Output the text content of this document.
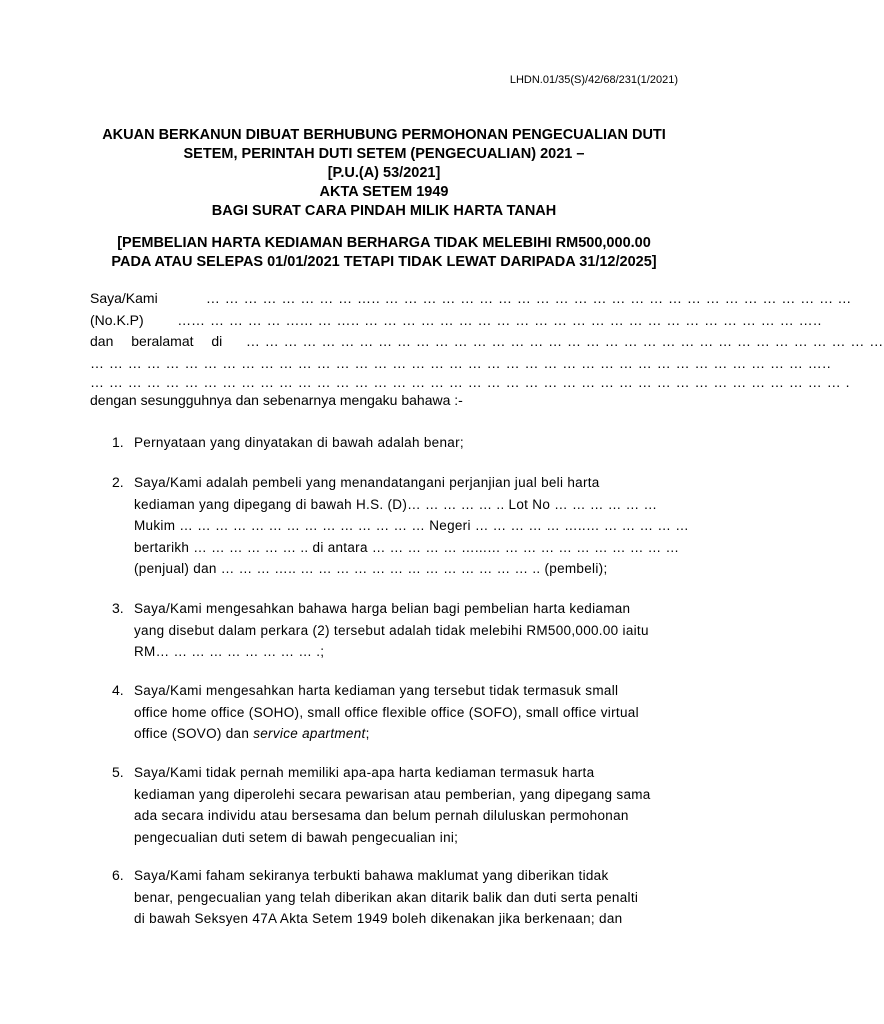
LHDN.01/35(S)/42/68/231(1/2021)
AKUAN BERKANUN DIBUAT BERHUBUNG PERMOHONAN PENGECUALIAN DUTI
SETEM, PERINTAH DUTI SETEM (PENGECUALIAN) 2021 –
[P.U.(A) 53/2021]
AKTA SETEM 1949
BAGI SURAT CARA PINDAH MILIK HARTA TANAH
[PEMBELIAN HARTA KEDIAMAN BERHARGA TIDAK MELEBIHI RM500,000.00
PADA ATAU SELEPAS 01/01/2021 TETAPI TIDAK LEWAT DARIPADA 31/12/2025]
Saya/Kami	… … … … … … … … ….. … … … … … … … … … … … … … … … … … … … … … … … … ...
(No.K.P) ...… … … … … …... … ….. … … … … … … … … … … … … … … … … … … … … … … … …..
dan beralamat di … … … … … … … … … … … … … … … … … … … … … … … … … … … … … … … … … …
… … … … … … … … … … … … … … … … … … … … … … … … … … … … … … … … … … … … … … …..
… … … … … … … … … … … … … … … … … … … … … … … … … … … … … … … … … … … … … … … … .
dengan sesungguhnya dan sebenarnya mengaku bahawa :-
1. Pernyataan yang dinyatakan di bawah adalah benar;
2. Saya/Kami adalah pembeli yang menandatangani perjanjian jual beli harta
kediaman yang dipegang di bawah H.S. (D)… … … … … .. Lot No … … … … … …
Mukim … … … … … … … … … … … … … … Negeri … … … … … …..… … … … … …
bertarikh … … … … … … .. di antara … … … … … …...… … … … … … … … … … …
(penjual) dan … … … ….. … … … … … … … … … … … … … .. (pembeli);
3. Saya/Kami mengesahkan bahawa harga belian bagi pembelian harta kediaman
yang disebut dalam perkara (2) tersebut adalah tidak melebihi RM500,000.00 iaitu
RM… … … … … … … … … .;
4. Saya/Kami mengesahkan harta kediaman yang tersebut tidak termasuk small
office home office (SOHO), small office flexible office (SOFO), small office virtual
office (SOVO) dan service apartment;
5. Saya/Kami tidak pernah memiliki apa-apa harta kediaman termasuk harta
kediaman yang diperolehi secara pewarisan atau pemberian, yang dipegang sama
ada secara individu atau bersesama dan belum pernah diluluskan permohonan
pengecualian duti setem di bawah pengecualian ini;
6. Saya/Kami faham sekiranya terbukti bahawa maklumat yang diberikan tidak
benar, pengecualian yang telah diberikan akan ditarik balik dan duti serta penalti
di bawah Seksyen 47A Akta Setem 1949 boleh dikenakan jika berkenaan; dan
